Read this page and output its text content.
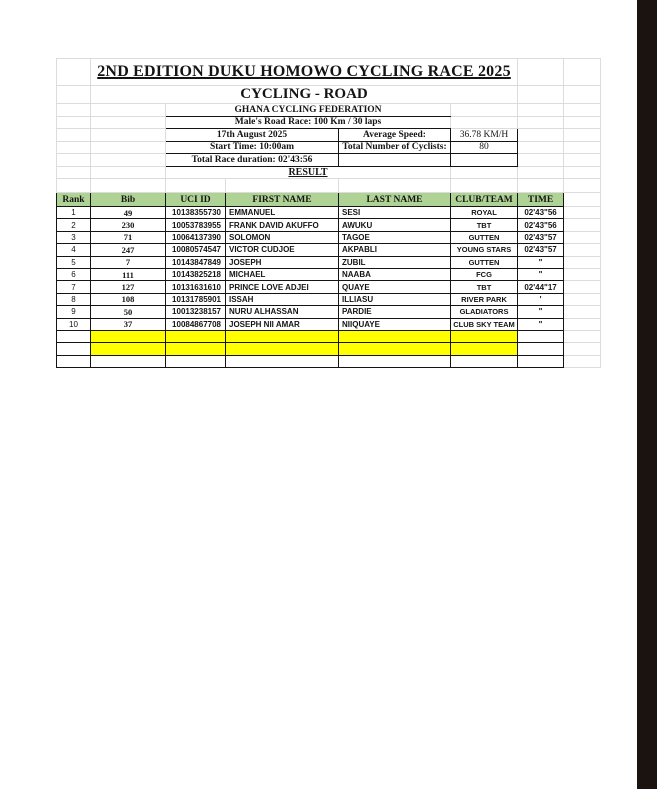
	2ND EDITION DUKU HOMOWO CYCLING RACE 2025						
	CYCLING - ROAD						
		GHANA CYCLING FEDERATION					
		Male's Road Race: 100 Km / 30 laps					
		17th August 2025		Average Speed:	36.78 KM/H		
		Start Time: 10:00am		Total Number of Cyclists:	80		
		Total Race duration: 02'43:56					
		RESULT					

Rank	Bib	UCI ID	FIRST NAME	LAST NAME	CLUB/TEAM	TIME	
1	49	10138355730	EMMANUEL	SESI	ROYAL	02'43"56	
2	230	10053783955	FRANK DAVID AKUFFO	AWUKU	TBT	02'43"56	
3	71	10064137390	SOLOMON	TAGOE	GUTTEN	02'43"57	
4	247	10080574547	VICTOR CUDJOE	AKPABLI	YOUNG STARS	02'43"57	
5	7	10143847849	JOSEPH	ZUBIL	GUTTEN	"	
6	111	10143825218	MICHAEL	NAABA	FCG	"	
7	127	10131631610	PRINCE LOVE ADJEI	QUAYE	TBT	02'44"17	
8	108	10131785901	ISSAH	ILLIASU	RIVER PARK	'	
9	50	10013238157	NURU ALHASSAN	PARDIE	GLADIATORS	"	
10	37	10084867708	JOSEPH NII AMAR	NIIQUAYE	CLUB SKY TEAM	"	
